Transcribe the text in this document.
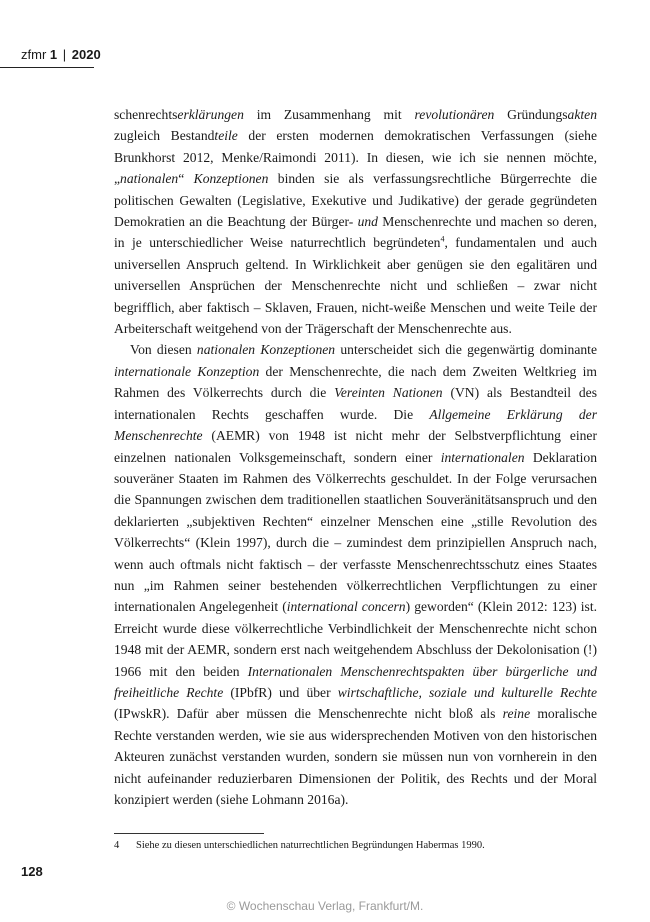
zfmr 1 | 2020

schenrechtserklärungen im Zusammenhang mit revolutionären Gründungsakten zugleich Bestandteile der ersten modernen demokratischen Verfassungen (siehe Brunkhorst 2012, Menke/Raimondi 2011). In diesen, wie ich sie nennen möchte, „nationalen“ Konzeptionen binden sie als verfassungsrechtliche Bürgerrechte die politischen Gewalten (Legislative, Exekutive und Judikative) der gerade gegründeten Demokratien an die Beachtung der Bürger- und Menschenrechte und machen so deren, in je unterschiedlicher Weise naturrechtlich begründeten$^4$, fundamentalen und auch universellen Anspruch geltend. In Wirklichkeit aber genügen sie den egalitären und universellen Ansprüchen der Menschenrechte nicht und schließen – zwar nicht begrifflich, aber faktisch – Sklaven, Frauen, nicht-weiße Menschen und weite Teile der Arbeiterschaft weitgehend von der Trägerschaft der Menschenrechte aus.

Von diesen nationalen Konzeptionen unterscheidet sich die gegenwärtig dominante internationale Konzeption der Menschenrechte, die nach dem Zweiten Weltkrieg im Rahmen des Völkerrechts durch die Vereinten Nationen (VN) als Bestandteil des internationalen Rechts geschaffen wurde. Die Allgemeine Erklärung der Menschenrechte (AEMR) von 1948 ist nicht mehr der Selbstverpflichtung einer einzelnen nationalen Volksgemeinschaft, sondern einer internationalen Deklaration souveräner Staaten im Rahmen des Völkerrechts geschuldet. In der Folge verursachen die Spannungen zwischen dem traditionellen staatlichen Souveränitätsanspruch und den deklarierten „subjektiven Rechten“ einzelner Menschen eine „stille Revolution des Völkerrechts“ (Klein 1997), durch die – zumindest dem prinzipiellen Anspruch nach, wenn auch oftmals nicht faktisch – der verfasste Menschenrechtsschutz eines Staates nun „im Rahmen seiner bestehenden völkerrechtlichen Verpflichtungen zu einer internationalen Angelegenheit (international concern) geworden“ (Klein 2012: 123) ist. Erreicht wurde diese völkerrechtliche Verbindlichkeit der Menschenrechte nicht schon 1948 mit der AEMR, sondern erst nach weitgehendem Abschluss der Dekolonisation (!) 1966 mit den beiden Internationalen Menschenrechtspakten über bürgerliche und freiheitliche Rechte (IPbfR) und über wirtschaftliche, soziale und kulturelle Rechte (IPwskR). Dafür aber müssen die Menschenrechte nicht bloß als reine moralische Rechte verstanden werden, wie sie aus widersprechenden Motiven von den historischen Akteuren zunächst verstanden wurden, sondern sie müssen nun von vornherein in den nicht aufeinander reduzierbaren Dimensionen der Politik, des Rechts und der Moral konzipiert werden (siehe Lohmann 2016a).

4 Siehe zu diesen unterschiedlichen naturrechtlichen Begründungen Habermas 1990.
128
© Wochenschau Verlag, Frankfurt/M.
